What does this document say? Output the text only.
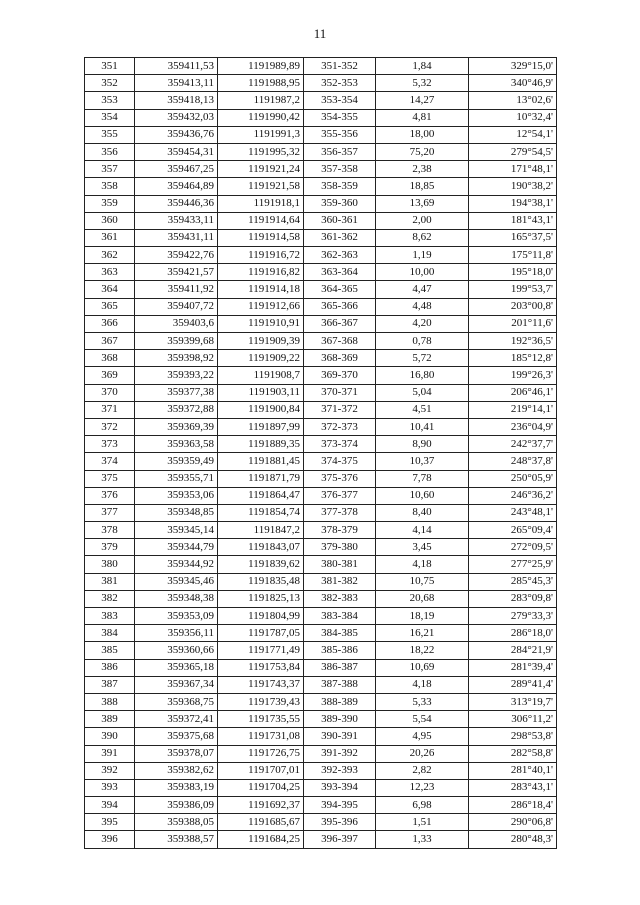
11
351	359411,53	1191989,89	351-352	1,84	329°15,0'
352	359413,11	1191988,95	352-353	5,32	340°46,9'
353	359418,13	1191987,2	353-354	14,27	13°02,6'
354	359432,03	1191990,42	354-355	4,81	10°32,4'
355	359436,76	1191991,3	355-356	18,00	12°54,1'
356	359454,31	1191995,32	356-357	75,20	279°54,5'
357	359467,25	1191921,24	357-358	2,38	171°48,1'
358	359464,89	1191921,58	358-359	18,85	190°38,2'
359	359446,36	1191918,1	359-360	13,69	194°38,1'
360	359433,11	1191914,64	360-361	2,00	181°43,1'
361	359431,11	1191914,58	361-362	8,62	165°37,5'
362	359422,76	1191916,72	362-363	1,19	175°11,8'
363	359421,57	1191916,82	363-364	10,00	195°18,0'
364	359411,92	1191914,18	364-365	4,47	199°53,7'
365	359407,72	1191912,66	365-366	4,48	203°00,8'
366	359403,6	1191910,91	366-367	4,20	201°11,6'
367	359399,68	1191909,39	367-368	0,78	192°36,5'
368	359398,92	1191909,22	368-369	5,72	185°12,8'
369	359393,22	1191908,7	369-370	16,80	199°26,3'
370	359377,38	1191903,11	370-371	5,04	206°46,1'
371	359372,88	1191900,84	371-372	4,51	219°14,1'
372	359369,39	1191897,99	372-373	10,41	236°04,9'
373	359363,58	1191889,35	373-374	8,90	242°37,7'
374	359359,49	1191881,45	374-375	10,37	248°37,8'
375	359355,71	1191871,79	375-376	7,78	250°05,9'
376	359353,06	1191864,47	376-377	10,60	246°36,2'
377	359348,85	1191854,74	377-378	8,40	243°48,1'
378	359345,14	1191847,2	378-379	4,14	265°09,4'
379	359344,79	1191843,07	379-380	3,45	272°09,5'
380	359344,92	1191839,62	380-381	4,18	277°25,9'
381	359345,46	1191835,48	381-382	10,75	285°45,3'
382	359348,38	1191825,13	382-383	20,68	283°09,8'
383	359353,09	1191804,99	383-384	18,19	279°33,3'
384	359356,11	1191787,05	384-385	16,21	286°18,0'
385	359360,66	1191771,49	385-386	18,22	284°21,9'
386	359365,18	1191753,84	386-387	10,69	281°39,4'
387	359367,34	1191743,37	387-388	4,18	289°41,4'
388	359368,75	1191739,43	388-389	5,33	313°19,7'
389	359372,41	1191735,55	389-390	5,54	306°11,2'
390	359375,68	1191731,08	390-391	4,95	298°53,8'
391	359378,07	1191726,75	391-392	20,26	282°58,8'
392	359382,62	1191707,01	392-393	2,82	281°40,1'
393	359383,19	1191704,25	393-394	12,23	283°43,1'
394	359386,09	1191692,37	394-395	6,98	286°18,4'
395	359388,05	1191685,67	395-396	1,51	290°06,8'
396	359388,57	1191684,25	396-397	1,33	280°48,3'
